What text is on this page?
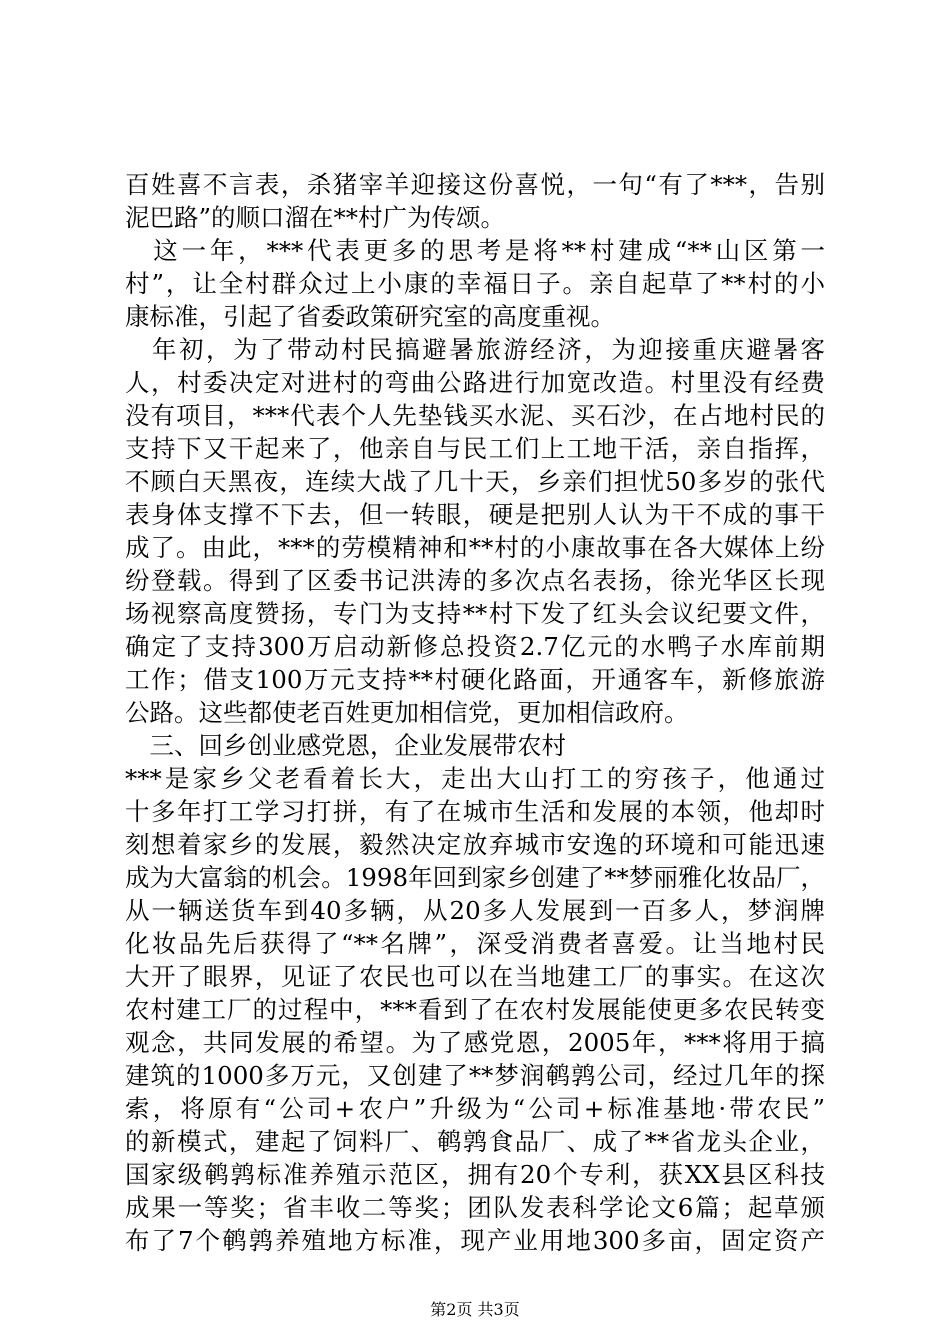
百姓喜不言表，杀猪宰羊迎接这份喜悦，一句“有了***，告别
泥巴路”的顺口溜在**村广为传颂。
　这一年，***代表更多的思考是将**村建成“**山区第一
村”，让全村群众过上小康的幸福日子。亲自起草了**村的小
康标准，引起了省委政策研究室的高度重视。
　年初，为了带动村民搞避暑旅游经济，为迎接重庆避暑客
人，村委决定对进村的弯曲公路进行加宽改造。村里没有经费
没有项目，***代表个人先垫钱买水泥、买石沙，在占地村民的
支持下又干起来了，他亲自与民工们上工地干活，亲自指挥，
不顾白天黑夜，连续大战了几十天，乡亲们担忧50多岁的张代
表身体支撑不下去，但一转眼，硬是把别人认为干不成的事干
成了。由此，***的劳模精神和**村的小康故事在各大媒体上纷
纷登载。得到了区委书记洪涛的多次点名表扬，徐光华区长现
场视察高度赞扬，专门为支持**村下发了红头会议纪要文件，
确定了支持300万启动新修总投资2.7亿元的水鸭子水库前期
工作；借支100万元支持**村硬化路面，开通客车，新修旅游
公路。这些都使老百姓更加相信党，更加相信政府。
　三、回乡创业感党恩，企业发展带农村
***是家乡父老看着长大，走出大山打工的穷孩子，他通过
十多年打工学习打拼，有了在城市生活和发展的本领，他却时
刻想着家乡的发展，毅然决定放弃城市安逸的环境和可能迅速
成为大富翁的机会。1998年回到家乡创建了**梦丽雅化妆品厂，
从一辆送货车到40多辆，从20多人发展到一百多人，梦润牌
化妆品先后获得了“**名牌”，深受消费者喜爱。让当地村民
大开了眼界，见证了农民也可以在当地建工厂的事实。在这次
农村建工厂的过程中，***看到了在农村发展能使更多农民转变
观念，共同发展的希望。为了感党恩，2005年，***将用于搞
建筑的1000多万元，又创建了**梦润鹌鹑公司，经过几年的探
索，将原有“公司+农户”升级为“公司+标准基地·带农民”
的新模式，建起了饲料厂、鹌鹑食品厂、成了**省龙头企业，
国家级鹌鹑标准养殖示范区，拥有20个专利，获XX县区科技
成果一等奖；省丰收二等奖；团队发表科学论文6篇；起草颁
布了7个鹌鹑养殖地方标准，现产业用地300多亩，固定资产
第2页 共3页
